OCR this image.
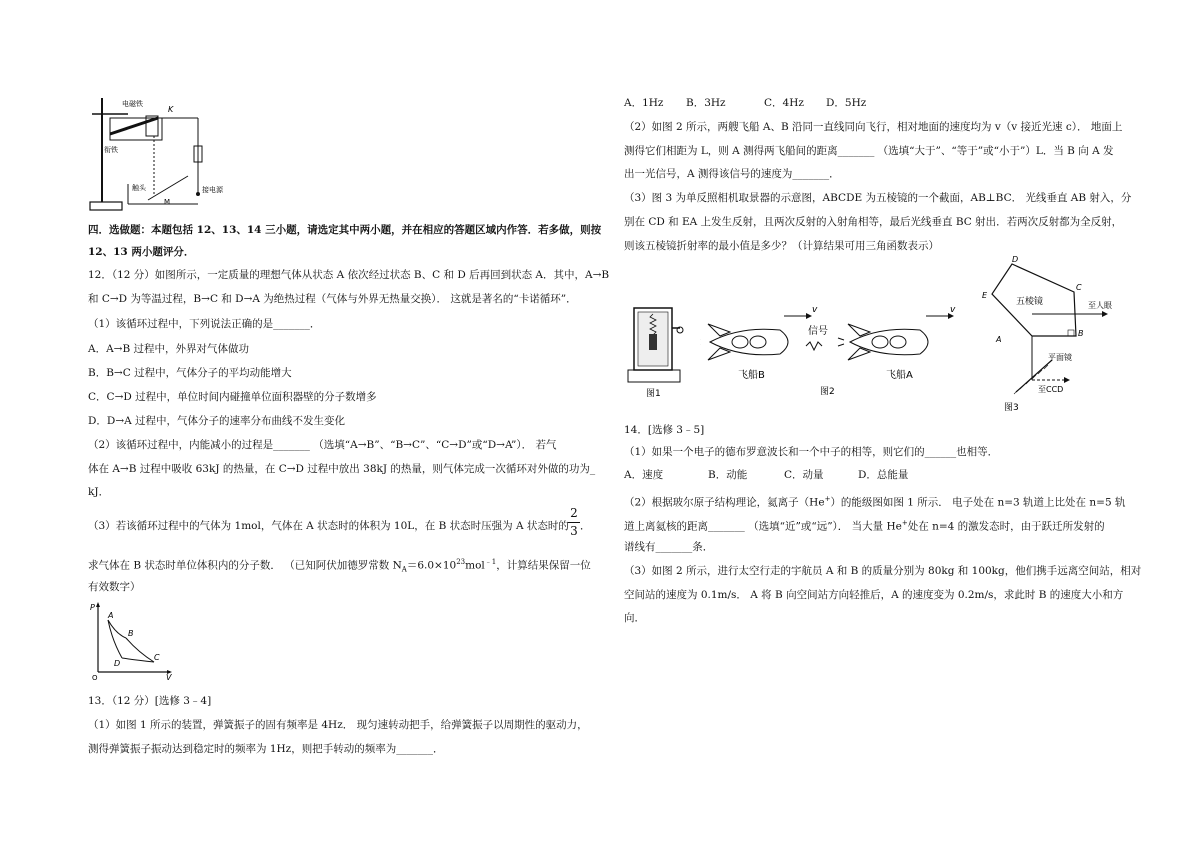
电磁铁
K
衔铁
触头
M
接电源
四．选做题：本题包括 12、13、14 三小题，请选定其中两小题，并在相应的答题区域内作答．若多做，则按
12、13 两小题评分．
12．（12 分）如图所示，一定质量的理想气体从状态 A 依次经过状态 B、C 和 D 后再回到状态 A．其中，A→B
和 C→D 为等温过程，B→C 和 D→A 为绝热过程（气体与外界无热量交换）． 这就是著名的“卡诺循环”．
（1）该循环过程中，下列说法正确的是_______．
A．A→B 过程中，外界对气体做功
B．B→C 过程中，气体分子的平均动能增大
C．C→D 过程中，单位时间内碰撞单位面积器壁的分子数增多
D．D→A 过程中，气体分子的速率分布曲线不发生变化
（2）该循环过程中，内能减小的过程是_______ （选填“A→B”、“B→C”、“C→D”或“D→A”）． 若气
体在 A→B 过程中吸收 63kJ 的热量，在 C→D 过程中放出 38kJ 的热量，则气体完成一次循环对外做的功为_
kJ．
（3）若该循环过程中的气体为 1mol，气体在 A 状态时的体积为 10L，在 B 状态时压强为 A 状态时的
2
3 ．
求气体在 B 状态时单位体积内的分子数． （已知阿伏加德罗常数 $N_A=6.0\times 10^{23}mol^{﹣1}$，计算结果保留一位
有效数字）
P
V
A
B
C
D
O
13．（12 分）[选修 3﹣4]
（1）如图 1 所示的装置，弹簧振子的固有频率是 4Hz． 现匀速转动把手，给弹簧振子以周期性的驱动力，
测得弹簧振子振动达到稳定时的频率为 1Hz，则把手转动的频率为_______．
A．1Hz B．3Hz	C．4Hz D．5Hz
（2）如图 2 所示，两艘飞船 A、B 沿同一直线同向飞行，相对地面的速度均为 v（v 接近光速 c）． 地面上
测得它们相距为 L，则 A 测得两飞船间的距离_______ （选填“大于”、“等于”或“小于”）L．当 B 向 A 发
出一光信号，A 测得该信号的速度为_______．
（3）图 3 为单反照相机取景器的示意图，ABCDE 为五棱镜的一个截面，AB⊥BC． 光线垂直 AB 射入，分
别在 CD 和 EA 上发生反射，且两次反射的入射角相等，最后光线垂直 BC 射出．若两次反射都为全反射，
则该五棱镜折射率的最小值是多少？（计算结果可用三角函数表示）
图1
v
信号
v
飞船B
图2
飞船A
D
C
E
B
A
五棱镜	至人眼
平面镜
至CCD
图3
14．[选修 3﹣5]
（1）如果一个电子的德布罗意波长和一个中子的相等，则它们的______也相等．
A．速度	B．动能	C．动量	D．总能量
（2）根据玻尔原子结构理论，氦离子（He+）的能级图如图 1 所示． 电子处在 n=3 轨道上比处在 n=5 轨
道上离氦核的距离_______ （选填“近”或“远”）． 当大量 He+处在 n=4 的激发态时，由于跃迁所发射的
谱线有_______条．
（3）如图 2 所示，进行太空行走的宇航员 A 和 B 的质量分别为 80kg 和 100kg，他们携手远离空间站，相对
空间站的速度为 0.1m/s． A 将 B 向空间站方向轻推后，A 的速度变为 0.2m/s，求此时 B 的速度大小和方
向．
